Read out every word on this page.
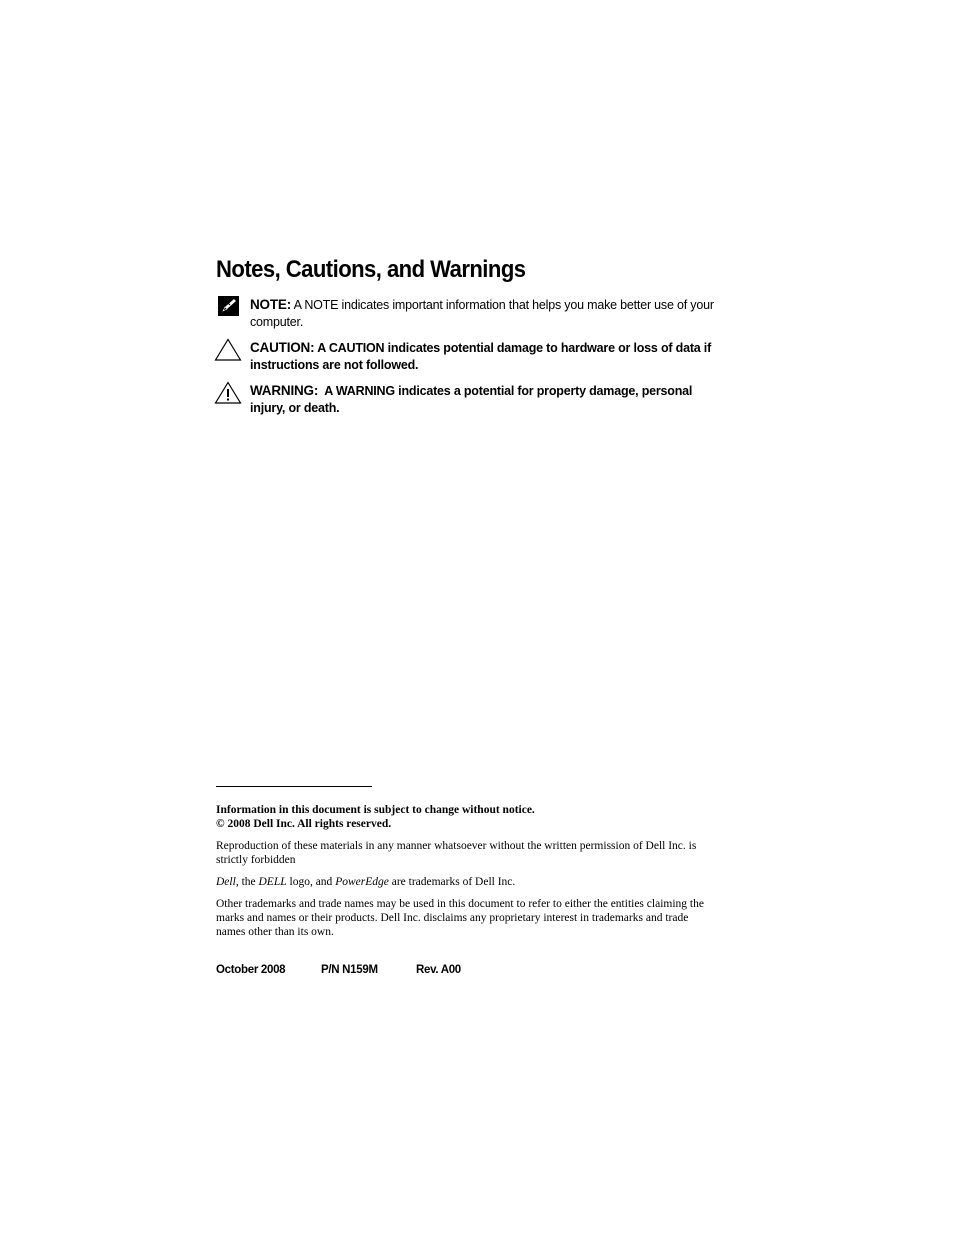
Notes, Cautions, and Warnings
NOTE: A NOTE indicates important information that helps you make better use of your computer.
CAUTION: A CAUTION indicates potential damage to hardware or loss of data if instructions are not followed.
WARNING: A WARNING indicates a potential for property damage, personal injury, or death.
Information in this document is subject to change without notice.
© 2008 Dell Inc. All rights reserved.
Reproduction of these materials in any manner whatsoever without the written permission of Dell Inc. is strictly forbidden
Dell, the DELL logo, and PowerEdge are trademarks of Dell Inc.
Other trademarks and trade names may be used in this document to refer to either the entities claiming the marks and names or their products. Dell Inc. disclaims any proprietary interest in trademarks and trade names other than its own.
October 2008	P/N N159M	Rev. A00
